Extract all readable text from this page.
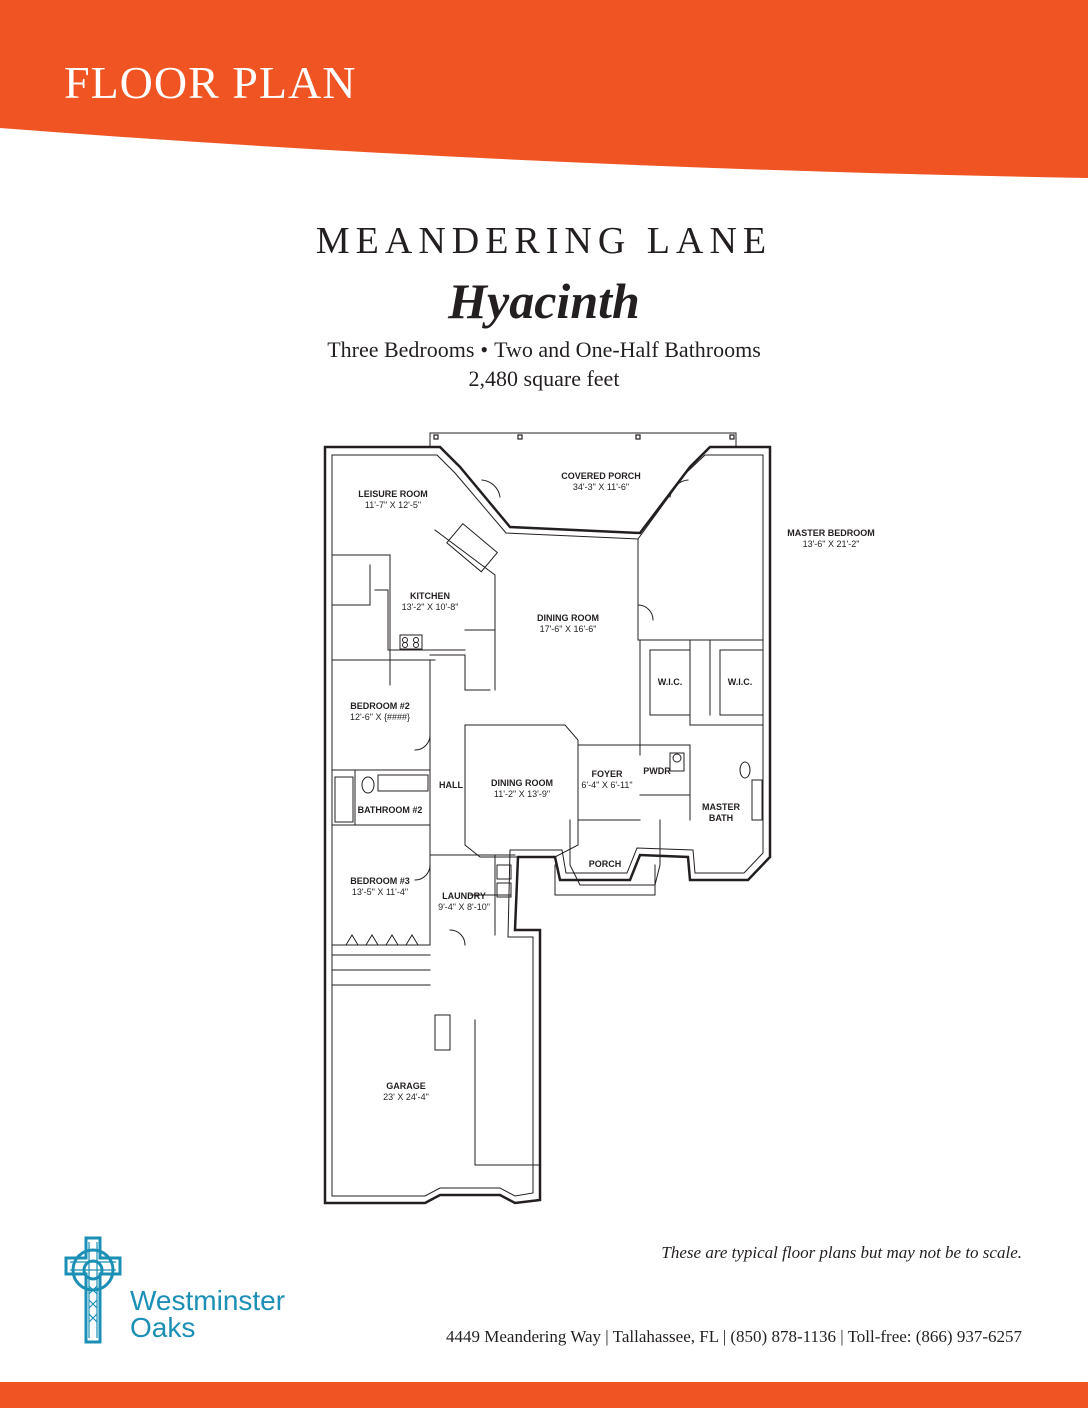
FLOOR PLAN
MEANDERING LANE
Hyacinth
Three Bedrooms • Two and One-Half Bathrooms
2,480 square feet
COVERED PORCH
34'-3" X 11'-6"
LEISURE ROOM
11'-7" X 12'-5"
MASTER BEDROOM
13'-6" X 21'-2"
KITCHEN
13'-2" X 10'-8"
DINING ROOM
17'-6" X 16'-6"
BEDROOM #2
12'-6" X {####}
W.I.C.	W.I.C.
HALL	DINING ROOM
11'-2" X 13'-9"
FOYER
6'-4" X 6'-11"
PWDR
BATHROOM #2	MASTER
BATH
PORCH
BEDROOM #3
13'-5" X 11'-4"	LAUNDRY
9'-4" X 8'-10"
GARAGE
23' X 24'-4"
These are typical floor plans but may not be to scale.
Westminster
Oaks	4449 Meandering Way | Tallahassee, FL | (850) 878-1136 | Toll-free: (866) 937-6257
